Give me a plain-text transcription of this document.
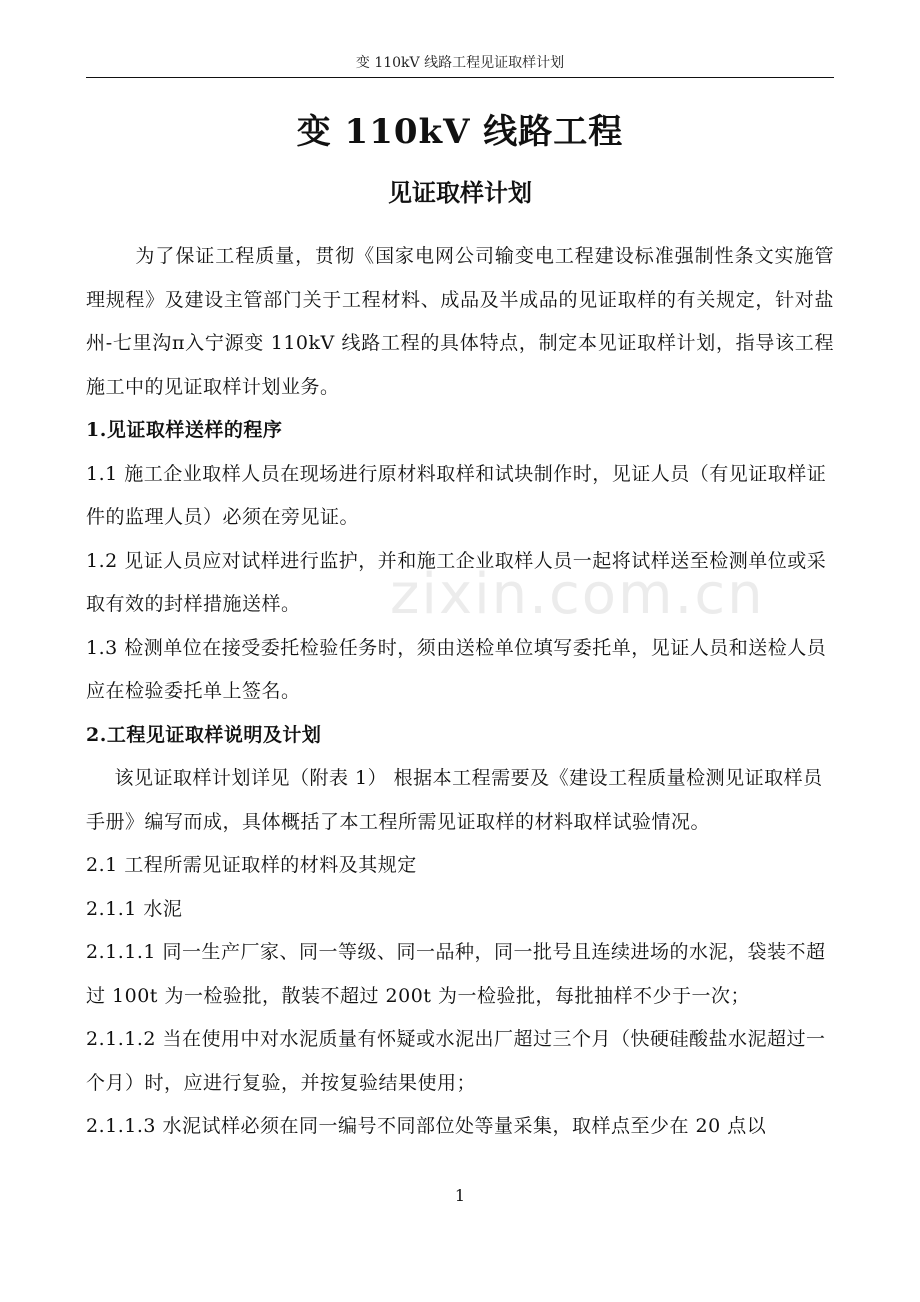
变 110kV 线路工程见证取样计划
变 110kV 线路工程
见证取样计划

为了保证工程质量，贯彻《国家电网公司输变电工程建设标准强制性条文实施管理规程》及建设主管部门关于工程材料、成品及半成品的见证取样的有关规定，针对盐州-七里沟π入宁源变 110kV 线路工程的具体特点，制定本见证取样计划，指导该工程施工中的见证取样计划业务。

1.见证取样送样的程序

1.1 施工企业取样人员在现场进行原材料取样和试块制作时，见证人员（有见证取样证件的监理人员）必须在旁见证。

1.2 见证人员应对试样进行监护，并和施工企业取样人员一起将试样送至检测单位或采取有效的封样措施送样。

1.3 检测单位在接受委托检验任务时，须由送检单位填写委托单，见证人员和送检人员应在检验委托单上签名。

2.工程见证取样说明及计划

该见证取样计划详见（附表 1） 根据本工程需要及《建设工程质量检测见证取样员手册》编写而成，具体概括了本工程所需见证取样的材料取样试验情况。

2.1 工程所需见证取样的材料及其规定

2.1.1 水泥

2.1.1.1 同一生产厂家、同一等级、同一品种，同一批号且连续进场的水泥，袋装不超过 100t 为一检验批，散装不超过 200t 为一检验批，每批抽样不少于一次；

2.1.1.2 当在使用中对水泥质量有怀疑或水泥出厂超过三个月（快硬硅酸盐水泥超过一个月）时，应进行复验，并按复验结果使用；

2.1.1.3 水泥试样必须在同一编号不同部位处等量采集，取样点至少在 20 点以

zixin.com.cn
1
